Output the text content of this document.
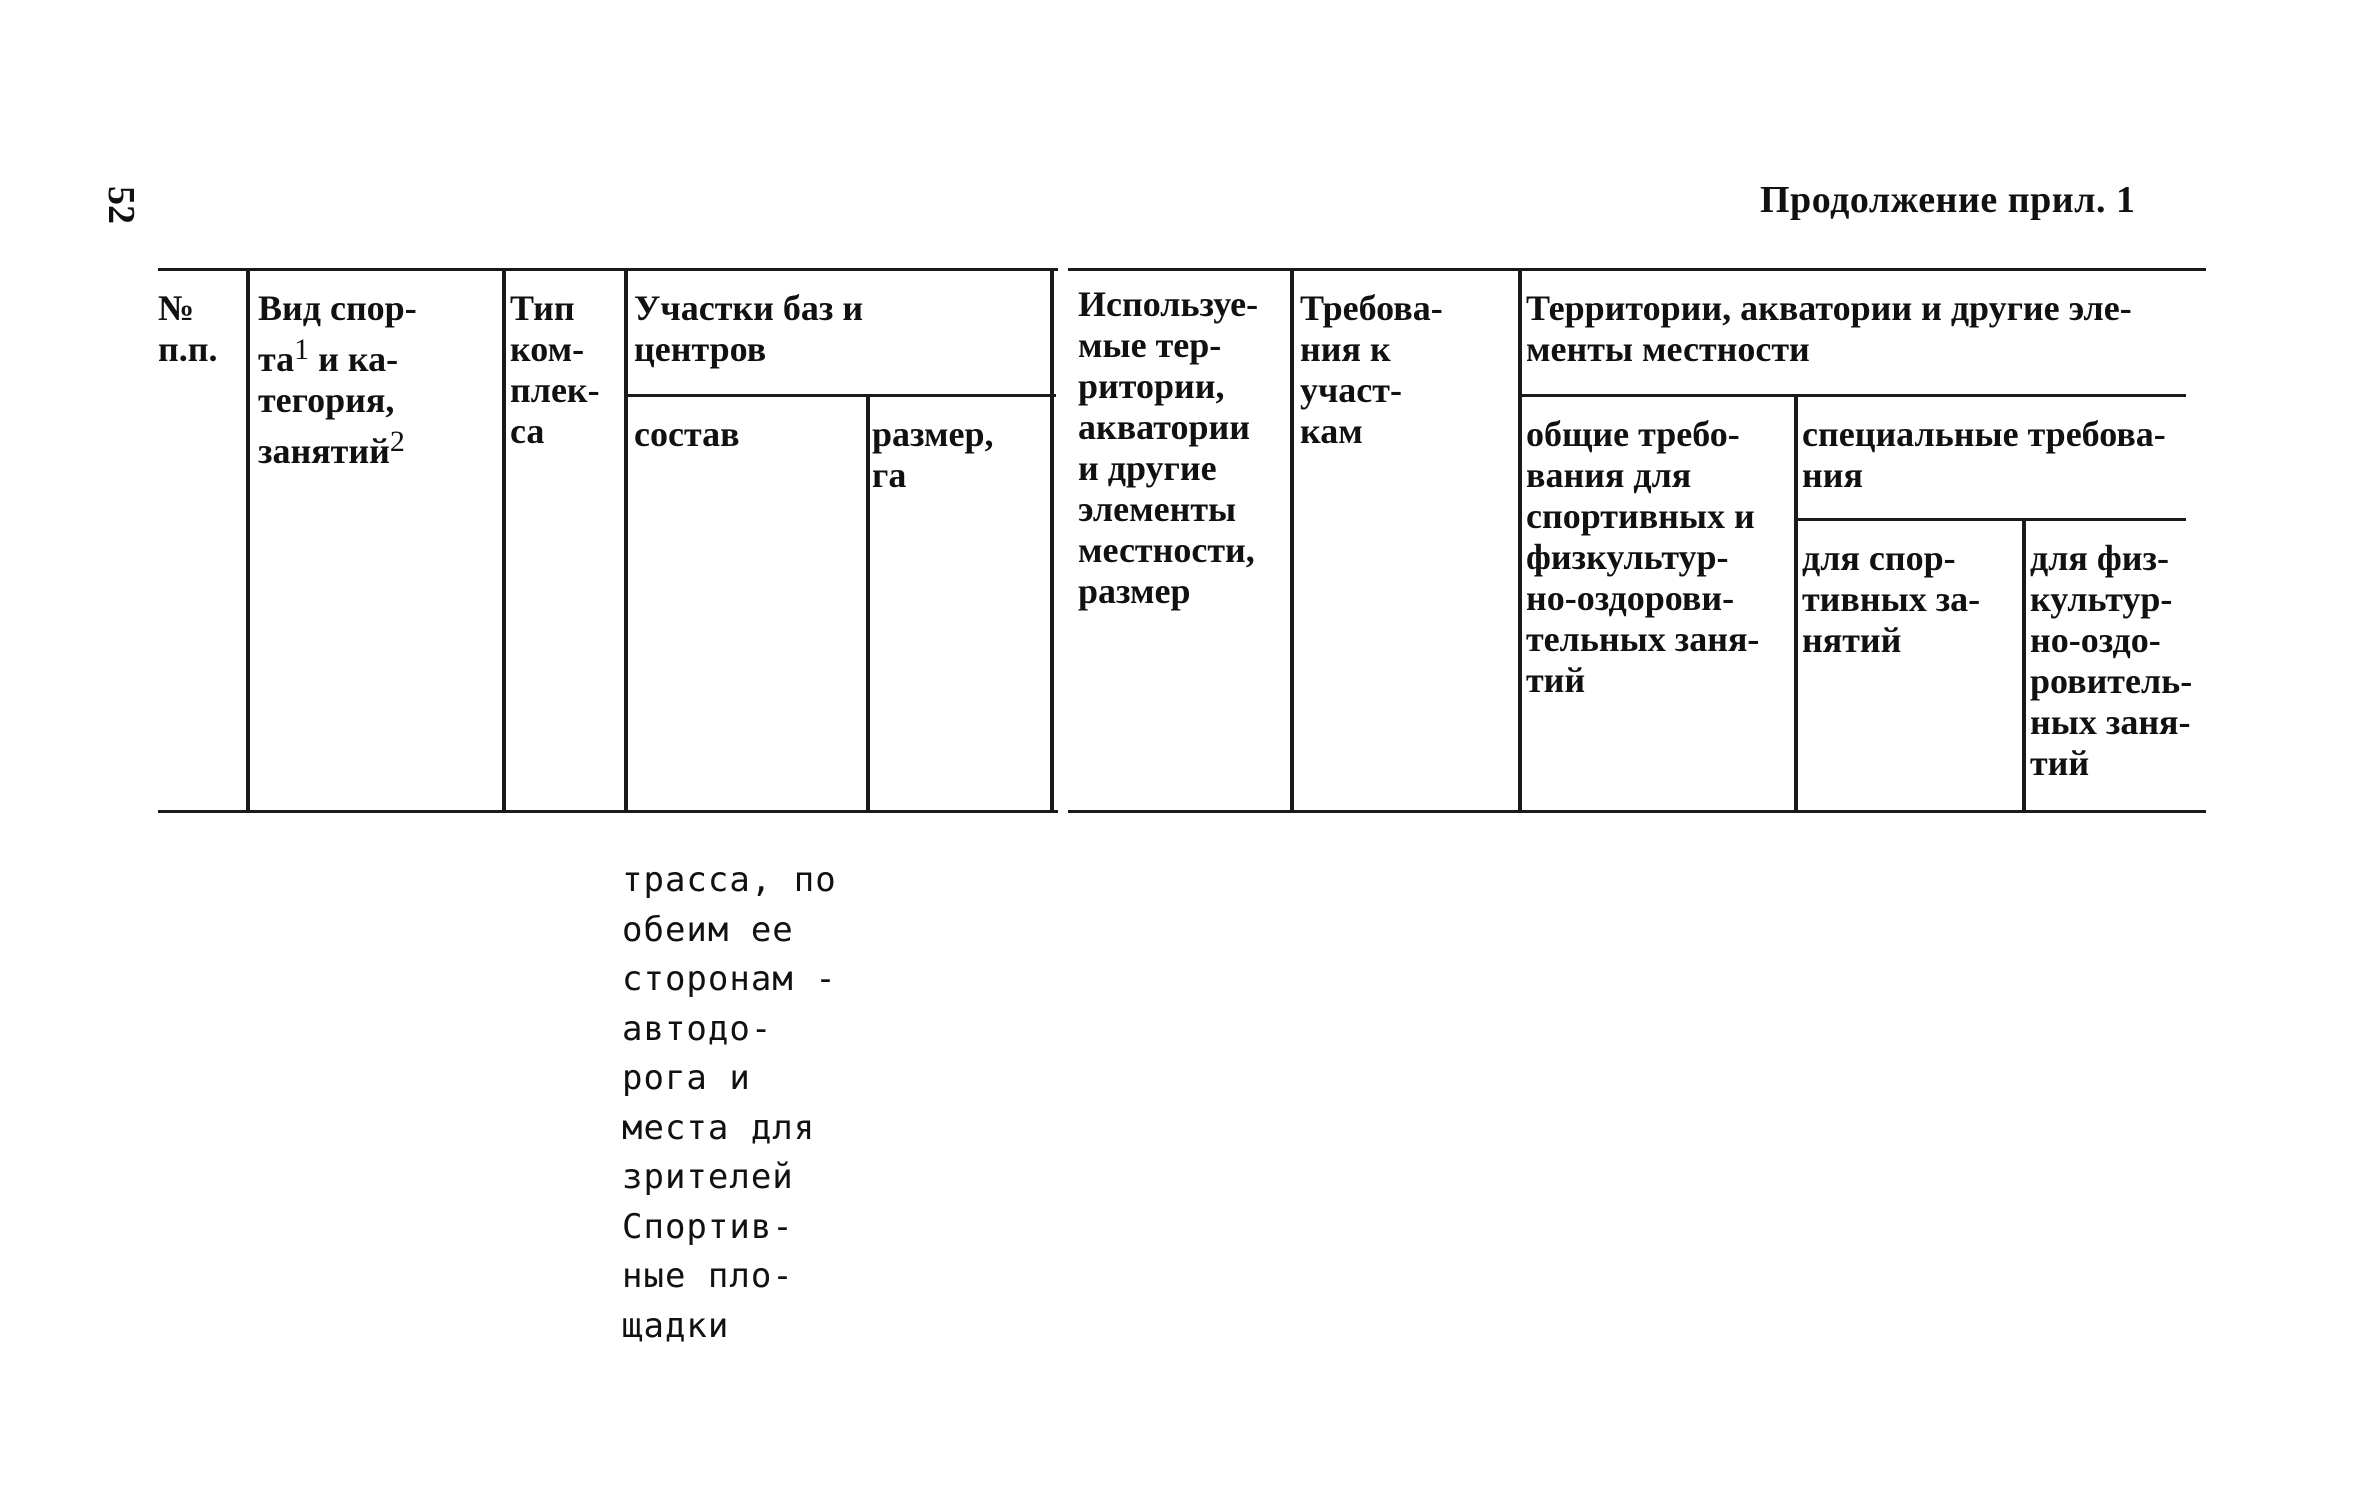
52	Продолжение прил. 1
№
п.п.
Вид спор-
$та^1$ и ка-
тегория,
занятий$^2$
Тип
ком-
плек-
са
Участки баз и
центров
состав	размер,
га
Используе-
мые тер-
ритории,
акватории
и другие
элементы
местности,
размер
Требова-
ния к
участ-
кам
Территории, акватории и другие эле-
менты местности
общие требо-
вания для
спортивных и
физкультур-
но-оздорови-
тельных заня-
тий
специальные требова-
ния
для спор-
тивных за-
нятий
для физ-
культур-
но-оздо-
ровитель-
ных заня-
тий
трасса, по
обеим ее
сторонам -
автодо-
рога и
места для
зрителей
Спортив-
ные пло-
щадки
